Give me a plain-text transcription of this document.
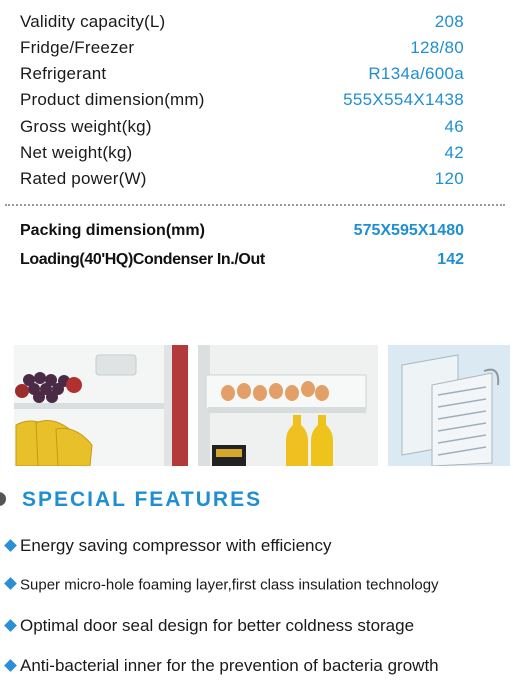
Validity capacity(L)	208
Fridge/Freezer	128/80
Refrigerant	R134a/600a
Product dimension(mm)	555X554X1438
Gross weight(kg)	46
Net weight(kg)	42
Rated power(W)	120
Packing dimension(mm)	575X595X1480
Loading(40'HQ)Condenser In./Out	142
SPECIAL FEATURES
Energy saving compressor with efficiency
Super micro-hole foaming layer,first class insulation technology
Optimal door seal design for better coldness storage
Anti-bacterial inner for the prevention of bacteria growth
